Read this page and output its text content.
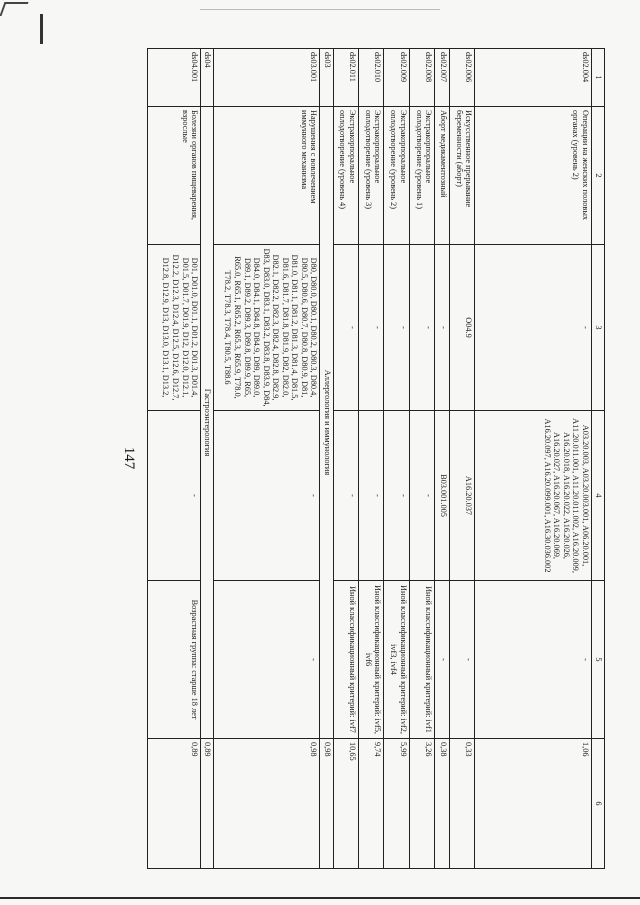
1	2	3	4	5	6
ds02.004	Операции на женских половых органах (уровень 2)	-	A03.20.003, A03.20.003.001, A06.20.001, A11.20.011.001, A11.20.011.002, A16.20.009, A16.20.018, A16.20.022, A16.20.026, A16.20.027, A16.20.067, A16.20.069, A16.20.097, A16.20.099.001, A16.30.036.002	-	1,06
ds02.006	Искусственное прерывание беременности (аборт)	O04.9	A16.20.037	-	0,33
ds02.007	Аборт медикаментозный	-	B03.001.005	-	0,38
ds02.008	Экстракорпоральное оплодотворение (уровень 1)	-	-	Иной классификационный критерий: ivf1	3,26
ds02.009	Экстракорпоральное оплодотворение (уровень 2)	-	-	Иной классификационный критерий: ivf2, ivf3, ivf4	5,99
ds02.010	Экстракорпоральное оплодотворение (уровень 3)	-	-	Иной классификационный критерий: ivf5, ivf6	9,74
ds02.011	Экстракорпоральное оплодотворение (уровень 4)	-	-	Иной классификационный критерий: ivf7	10,65
ds03	Аллергология и иммунология				0,98
ds03.001	Нарушения с вовлечением иммунного механизма	D80, D80.0, D80.1, D80.2, D80.3, D80.4, D80.5, D80.6, D80.7, D80.8, D80.9, D81, D81.0, D81.1, D81.2, D81.3, D81.4, D81.5, D81.6, D81.7, D81.8, D81.9, D82, D82.0, D82.1, D82.2, D82.3, D82.4, D82.8, D82.9, D83, D83.0, D83.1, D83.2, D83.8, D83.9, D84, D84.0, D84.1, D84.8, D84.9, D89, D89.0, D89.1, D89.2, D89.3, D89.8, D89.9, R65, R65.0, R65.1, R65.2, R65.3, R65.9, T78.0, T78.2, T78.3, T78.4, T80.5, T88.6	-	-	0,98
ds04	Гастроэнтерология				0,89
ds04.001	Болезни органов пищеварения, взрослые	D01, D01.0, D01.1, D01.2, D01.3, D01.4, D01.5, D01.7, D01.9, D12, D12.0, D12.1, D12.2, D12.3, D12.4, D12.5, D12.6, D12.7, D12.8, D12.9, D13, D13.0, D13.1, D13.2,	-	Возрастная группа: старше 18 лет	0,89
147
